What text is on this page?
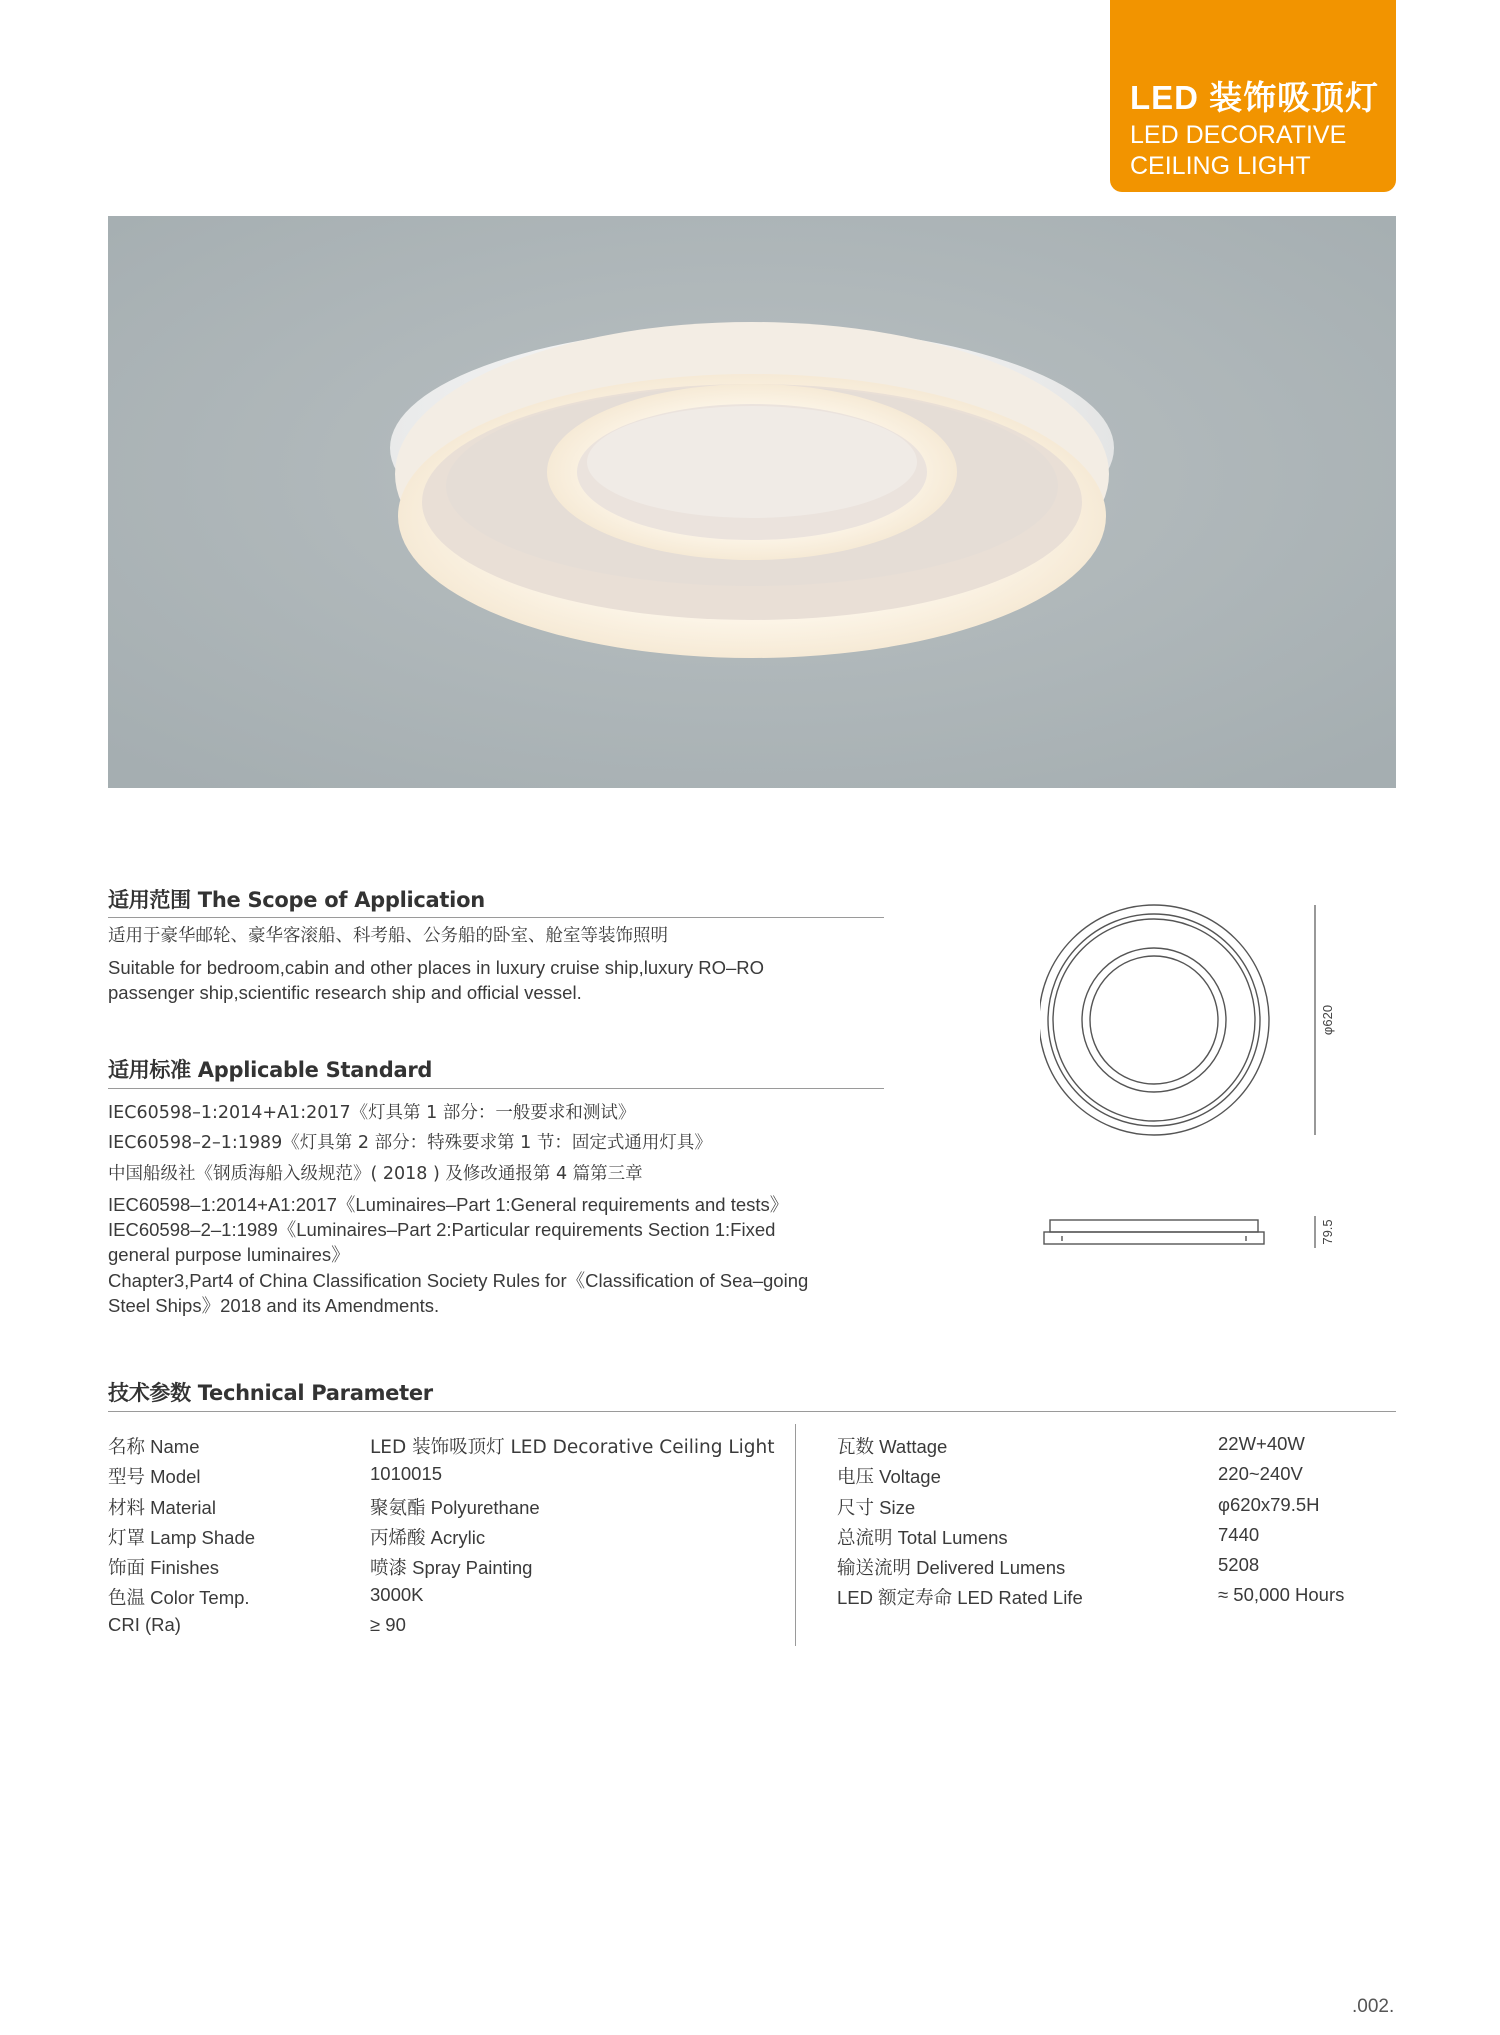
LED 装饰吸顶灯
LED DECORATIVE
CEILING LIGHT
适用范围 The Scope of Application
适用于豪华邮轮、豪华客滚船、科考船、公务船的卧室、舱室等装饰照明
Suitable for bedroom,cabin and other places in luxury cruise ship,luxury RO–RO
passenger ship,scientific research ship and official vessel.
适用标准 Applicable Standard
IEC60598–1:2014+A1:2017《灯具第 1 部分：一般要求和测试》
IEC60598–2–1:1989《灯具第 2 部分：特殊要求第 1 节：固定式通用灯具》
中国船级社《钢质海船入级规范》( 2018 ) 及修改通报第 4 篇第三章
IEC60598–1:2014+A1:2017《Luminaires–Part 1:General requirements and tests》
IEC60598–2–1:1989《Luminaires–Part 2:Particular requirements Section 1:Fixed
general purpose luminaires》
Chapter3,Part4 of China Classification Society Rules for《Classification of Sea–going
Steel Ships》2018 and its Amendments.
φ620
79.5
技术参数 Technical Parameter
名称 Name	LED 装饰吸顶灯 LED Decorative Ceiling Light
型号 Model	1010015
材料 Material	聚氨酯 Polyurethane
灯罩 Lamp Shade	丙烯酸 Acrylic
饰面 Finishes	喷漆 Spray Painting
色温 Color Temp.	3000K
CRI (Ra)	≥ 90
瓦数 Wattage	22W+40W
电压 Voltage	220~240V
尺寸 Size	φ620x79.5H
总流明 Total Lumens	7440
输送流明 Delivered Lumens	5208
LED 额定寿命 LED Rated Life	≈ 50,000 Hours
.002.
